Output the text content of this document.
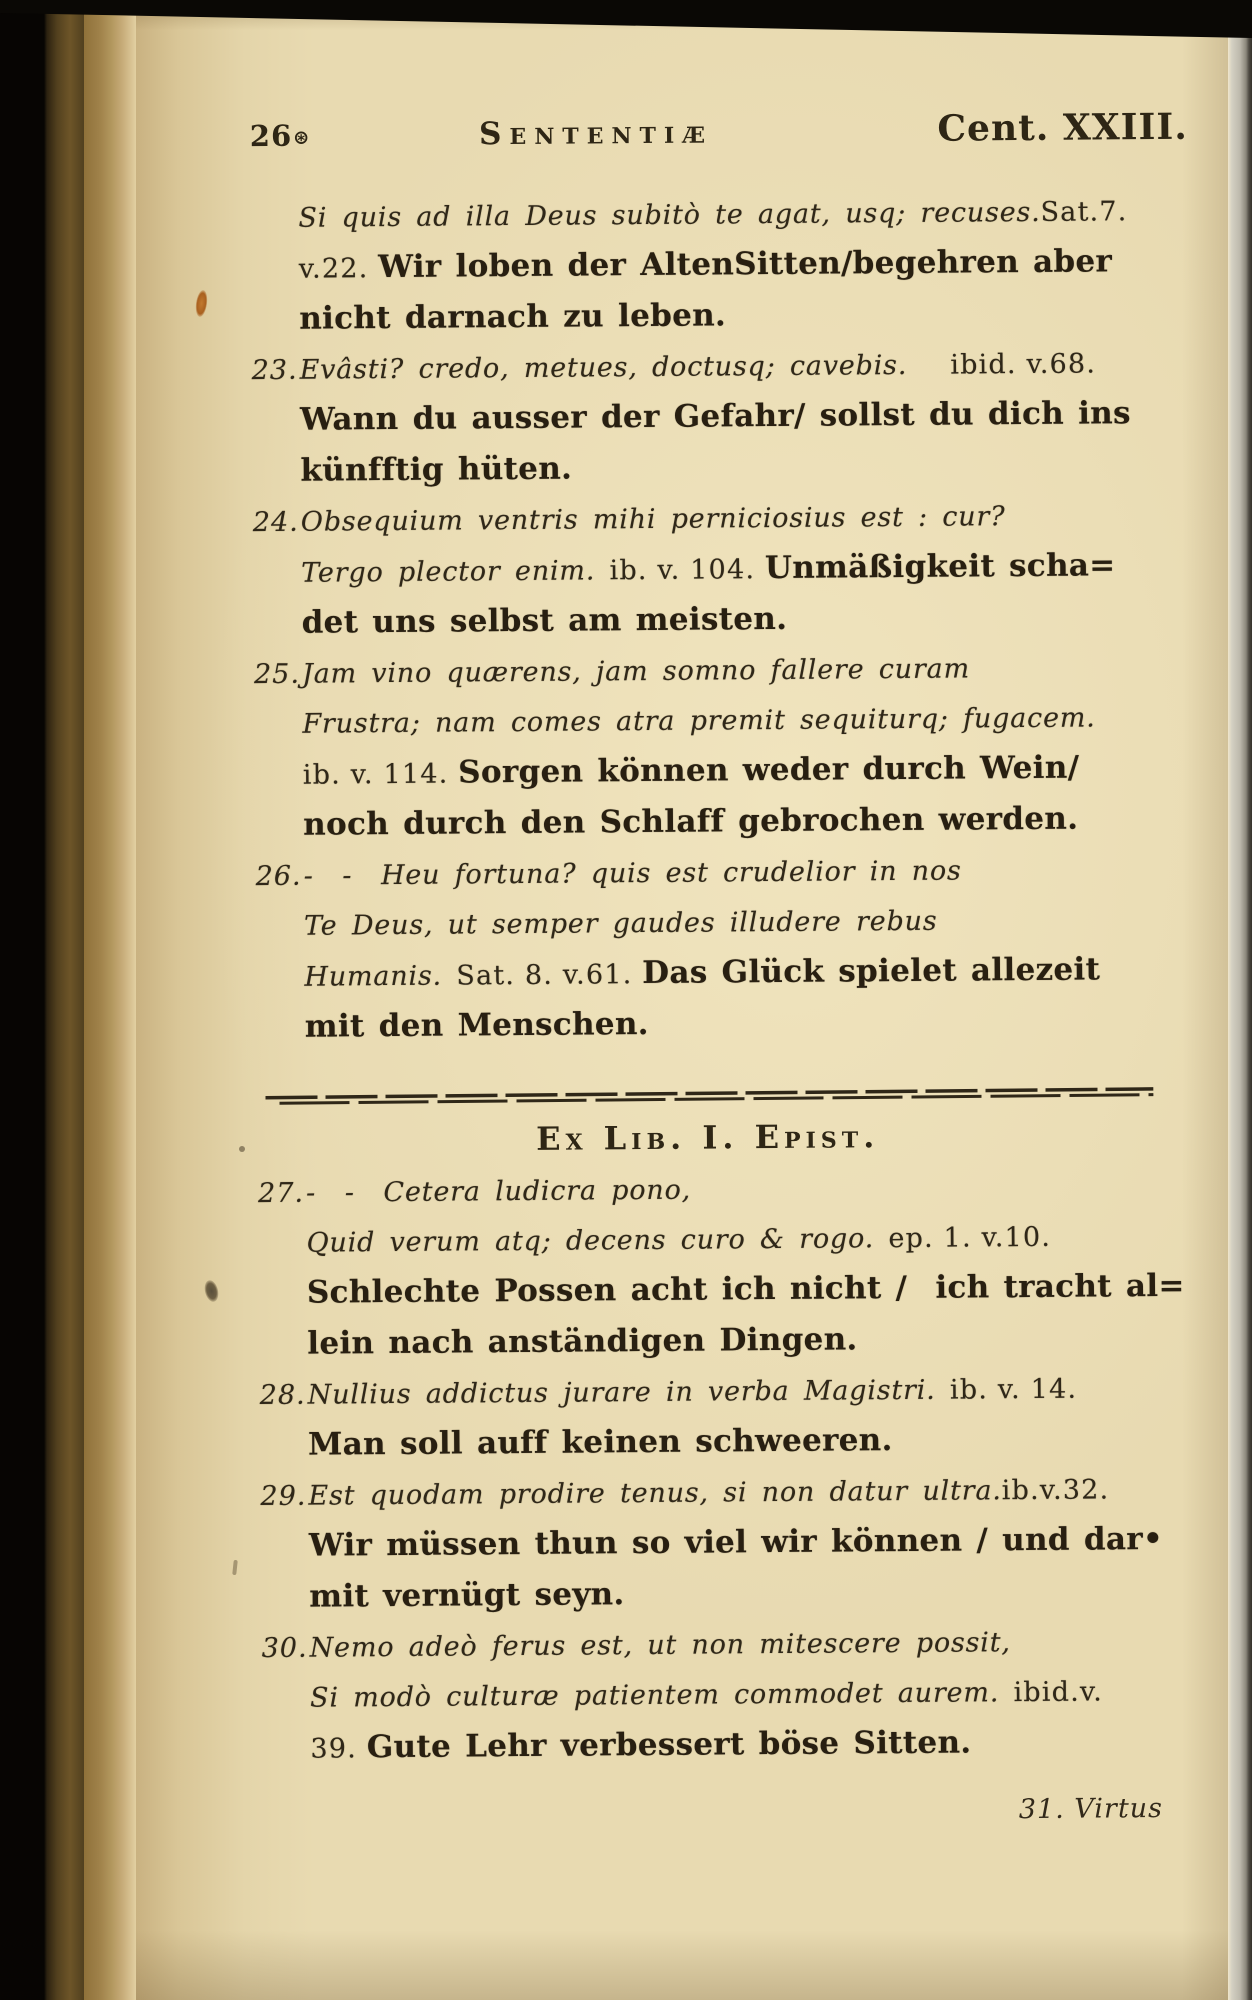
26⊛	Sententiæ	Cent. XXIII.
Si quis ad illa Deus subitò te agat, usq; recuses.Sat.7.
v.22. Wir loben der AltenSitten/begehren aber
nicht darnach zu leben.
23.Evâsti? credo, metues, doctusq; cavebis.   ibid. v.68.
Wann du ausser der Gefahr/ sollst du dich ins
künfftig hüten.
24.Obsequium ventris mihi perniciosius est : cur?
Tergo plector enim. ib. v. 104. Unmäßigkeit scha=
det uns selbst am meisten.
25.Jam vino quærens, jam somno fallere curam
Frustra; nam comes atra premit sequiturq; fugacem.
ib. v. 114. Sorgen können weder durch Wein/
noch durch den Schlaff gebrochen werden.
26.-  -  Heu fortuna? quis est crudelior in nos
Te Deus, ut semper gaudes illudere rebus
Humanis. Sat. 8. v.61. Das Glück spielet allezeit
mit den Menschen.
Ex Lib. I. Epist.
27.-  -  Cetera ludicra pono,
Quid verum atq; decens curo & rogo. ep. 1. v.10.
Schlechte Possen acht ich nicht /  ich tracht al=
lein nach anständigen Dingen.
28.Nullius addictus jurare in verba Magistri. ib. v. 14.
Man soll auff keinen schweeren.
29.Est quodam prodire tenus, si non datur ultra.ib.v.32.
Wir müssen thun so viel wir können / und dar•
mit vernügt seyn.
30.Nemo adeò ferus est, ut non mitescere possit,
Si modò culturæ patientem commodet aurem. ibid.v.
39. Gute Lehr verbessert böse Sitten.
31. Virtus
